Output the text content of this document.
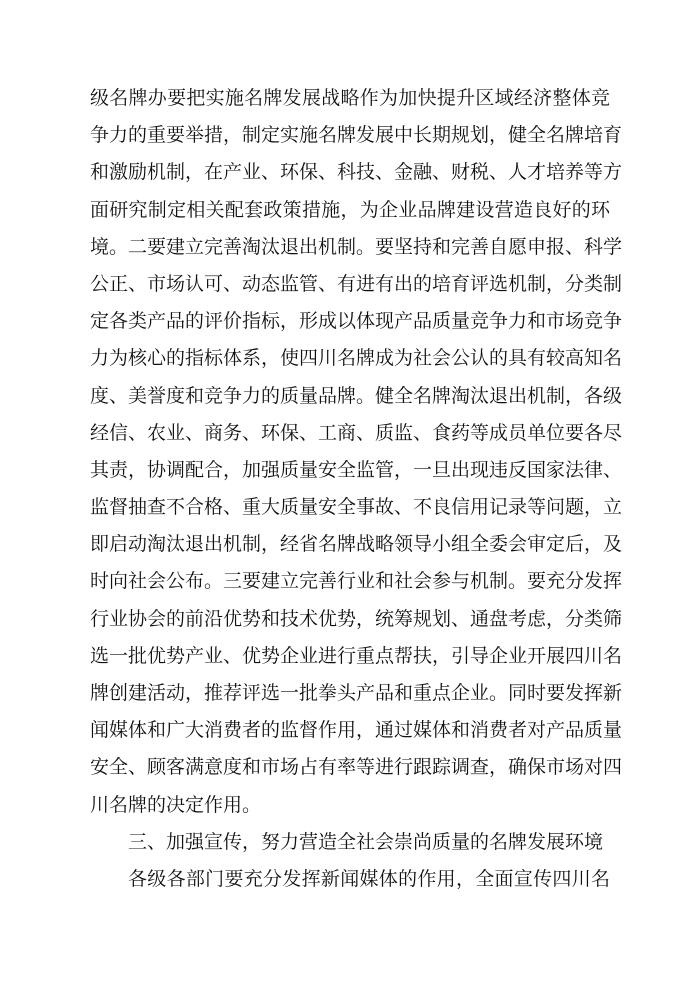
级名牌办要把实施名牌发展战略作为加快提升区域经济整体竞
争力的重要举措，制定实施名牌发展中长期规划，健全名牌培育
和激励机制，在产业、环保、科技、金融、财税、人才培养等方
面研究制定相关配套政策措施，为企业品牌建设营造良好的环
境。二要建立完善淘汰退出机制。要坚持和完善自愿申报、科学
公正、市场认可、动态监管、有进有出的培育评选机制，分类制
定各类产品的评价指标，形成以体现产品质量竞争力和市场竞争
力为核心的指标体系，使四川名牌成为社会公认的具有较高知名
度、美誉度和竞争力的质量品牌。健全名牌淘汰退出机制，各级
经信、农业、商务、环保、工商、质监、食药等成员单位要各尽
其责，协调配合，加强质量安全监管，一旦出现违反国家法律、
监督抽查不合格、重大质量安全事故、不良信用记录等问题，立
即启动淘汰退出机制，经省名牌战略领导小组全委会审定后，及
时向社会公布。三要建立完善行业和社会参与机制。要充分发挥
行业协会的前沿优势和技术优势，统筹规划、通盘考虑，分类筛
选一批优势产业、优势企业进行重点帮扶，引导企业开展四川名
牌创建活动，推荐评选一批拳头产品和重点企业。同时要发挥新
闻媒体和广大消费者的监督作用，通过媒体和消费者对产品质量
安全、顾客满意度和市场占有率等进行跟踪调查，确保市场对四
川名牌的决定作用。
三、加强宣传，努力营造全社会崇尚质量的名牌发展环境
各级各部门要充分发挥新闻媒体的作用，全面宣传四川名
